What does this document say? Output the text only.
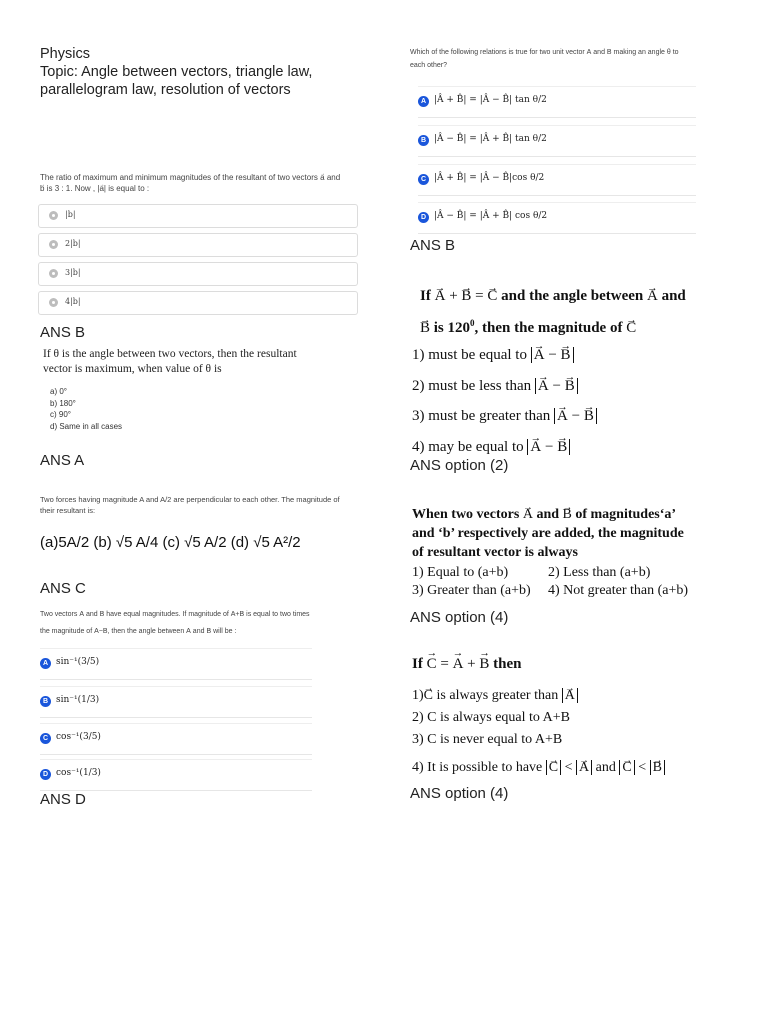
Physics
Topic: Angle between vectors, triangle law,
parallelogram law, resolution of vectors
The ratio of maximum and minimum magnitudes of the resultant of two vectors → a and
→ b is 3 : 1. Now , |→ a| is equal to :
|b|
2|b|
3|b|
4|b|
ANS B
If θ is the angle between two vectors, then the resultant
vector is maximum, when value of θ is
a) 0°
b) 180°
c) 90°
d) Same in all cases
ANS A
Two forces having magnitude A and A/2 are perpendicular to each other. The magnitude of
their resultant is:
(a)5A/2 (b) √5 A/4 (c) √5 A/2 (d) √5 A²/2
ANS C
Two vectors → A and → B have equal magnitudes. If magnitude of → A+→ B is equal to two times
the magnitude of → A−→ B, then the angle between → A and → B will be :
A sin⁻¹(3/5)
B sin⁻¹(1/3)
C cos⁻¹(3/5)
D cos⁻¹(1/3)
ANS D
Which of the following relations is true for two unit vector → A and → B making an angle θ to
each other?
A |Â + B̂| = |Â − B̂| tan θ/2
B |Â − B̂| = |Â + B̂| tan θ/2
C |Â + B̂| = |Â − B̂|cos θ/2
D |Â − B̂| = |Â + B̂| cos θ/2
ANS B
If → A + → B = → C and the angle between → A and
→ B is $120^0$, then the magnitude of → C
1) must be equal to → A − → B
2) must be less than → A − → B
3) must be greater than → A − → B
4) may be equal to → A − → B
ANS option (2)
When two vectors → A and → B of magnitudes‘a’
and ‘b’ respectively are added, the magnitude
of resultant vector is always
1) Equal to (a+b)	2) Less than (a+b)
3) Greater than (a+b) 4) Not greater than (a+b)
ANS option (4)
If → C = → A + → B then
1)→ C is always greater than → A
2) C is always equal to A+B
3) C is never equal to A+B
4) It is possible to have → C < → A and → C < → B
ANS option (4)
